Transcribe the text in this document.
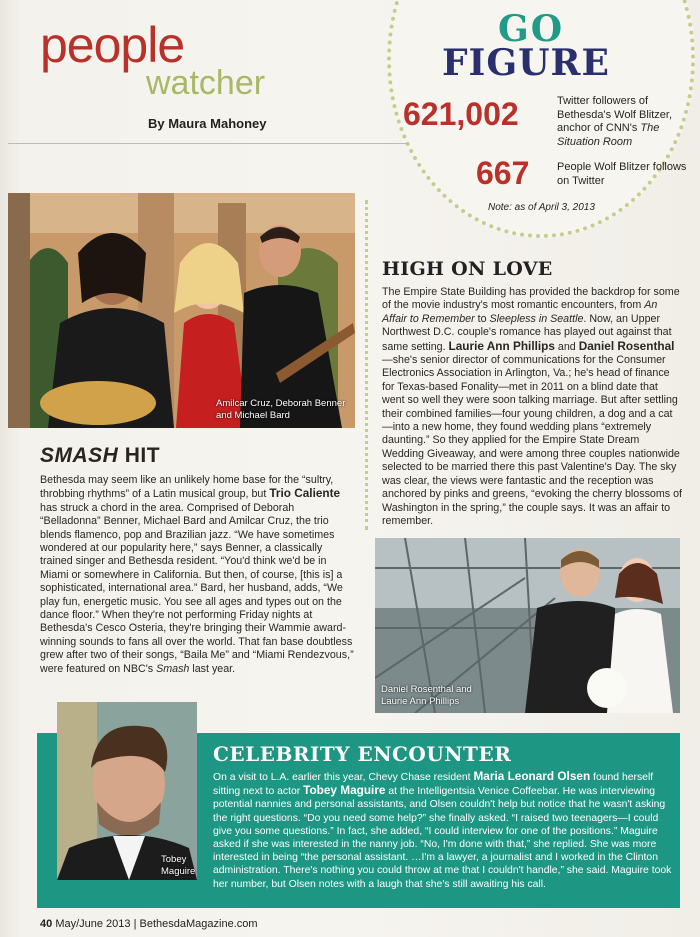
people
watcher
By Maura Mahoney
GO
FIGURE
621,002	Twitter followers of Bethesda's Wolf Blitzer, anchor of CNN's The Situation Room
667	People Wolf Blitzer follows on Twitter
Note: as of April 3, 2013
Amilcar Cruz, Deborah Benner and Michael Bard
SMASH HIT
Bethesda may seem like an unlikely home base for the “sultry, throbbing rhythms” of a Latin musical group, but Trio Caliente has struck a chord in the area. Comprised of Deborah “Belladonna” Benner, Michael Bard and Amilcar Cruz, the trio blends flamenco, pop and Brazilian jazz. “We have sometimes wondered at our popularity here,” says Benner, a classically trained singer and Bethesda resident. “You'd think we'd be in Miami or somewhere in California. But then, of course, [this is] a sophisticated, international area.” Bard, her husband, adds, “We play fun, energetic music. You see all ages and types out on the dance floor.” When they're not performing Friday nights at Bethesda's Cesco Osteria, they're bringing their Wammie award-winning sounds to fans all over the world. That fan base doubtless grew after two of their songs, “Baila Me” and “Miami Rendezvous,” were featured on NBC's Smash last year.
HIGH ON LOVE
The Empire State Building has provided the backdrop for some of the movie industry's most romantic encounters, from An Affair to Remember to Sleepless in Seattle. Now, an Upper Northwest D.C. couple's romance has played out against that same setting. Laurie Ann Phillips and Daniel Rosenthal—she's senior director of communications for the Consumer Electronics Association in Arlington, Va.; he's head of finance for Texas-based Fonality—met in 2011 on a blind date that went so well they were soon talking marriage. But after settling their combined families—four young children, a dog and a cat—into a new home, they found wedding plans “extremely daunting.” So they applied for the Empire State Dream Wedding Giveaway, and were among three couples nationwide selected to be married there this past Valentine's Day. The sky was clear, the views were fantastic and the reception was anchored by pinks and greens, “evoking the cherry blossoms of Washington in the spring,” the couple says. It was an affair to remember.
Daniel Rosenthal and Laurie Ann Phillips
Tobey Maguire
CELEBRITY ENCOUNTER
On a visit to L.A. earlier this year, Chevy Chase resident Maria Leonard Olsen found herself sitting next to actor Tobey Maguire at the Intelligentsia Venice Coffeebar. He was interviewing potential nannies and personal assistants, and Olsen couldn't help but notice that he wasn't asking the right questions. “Do you need some help?” she finally asked. “I raised two teenagers—I could give you some questions.” In fact, she added, “I could interview for one of the positions.” Maguire asked if she was interested in the nanny job. “No, I'm done with that,” she replied. She was more interested in being “the personal assistant. …I'm a lawyer, a journalist and I worked in the Clinton administration. There's nothing you could throw at me that I couldn't handle,” she said. Maguire took her number, but Olsen notes with a laugh that she's still awaiting his call.
40 May/June 2013 | BethesdaMagazine.com
